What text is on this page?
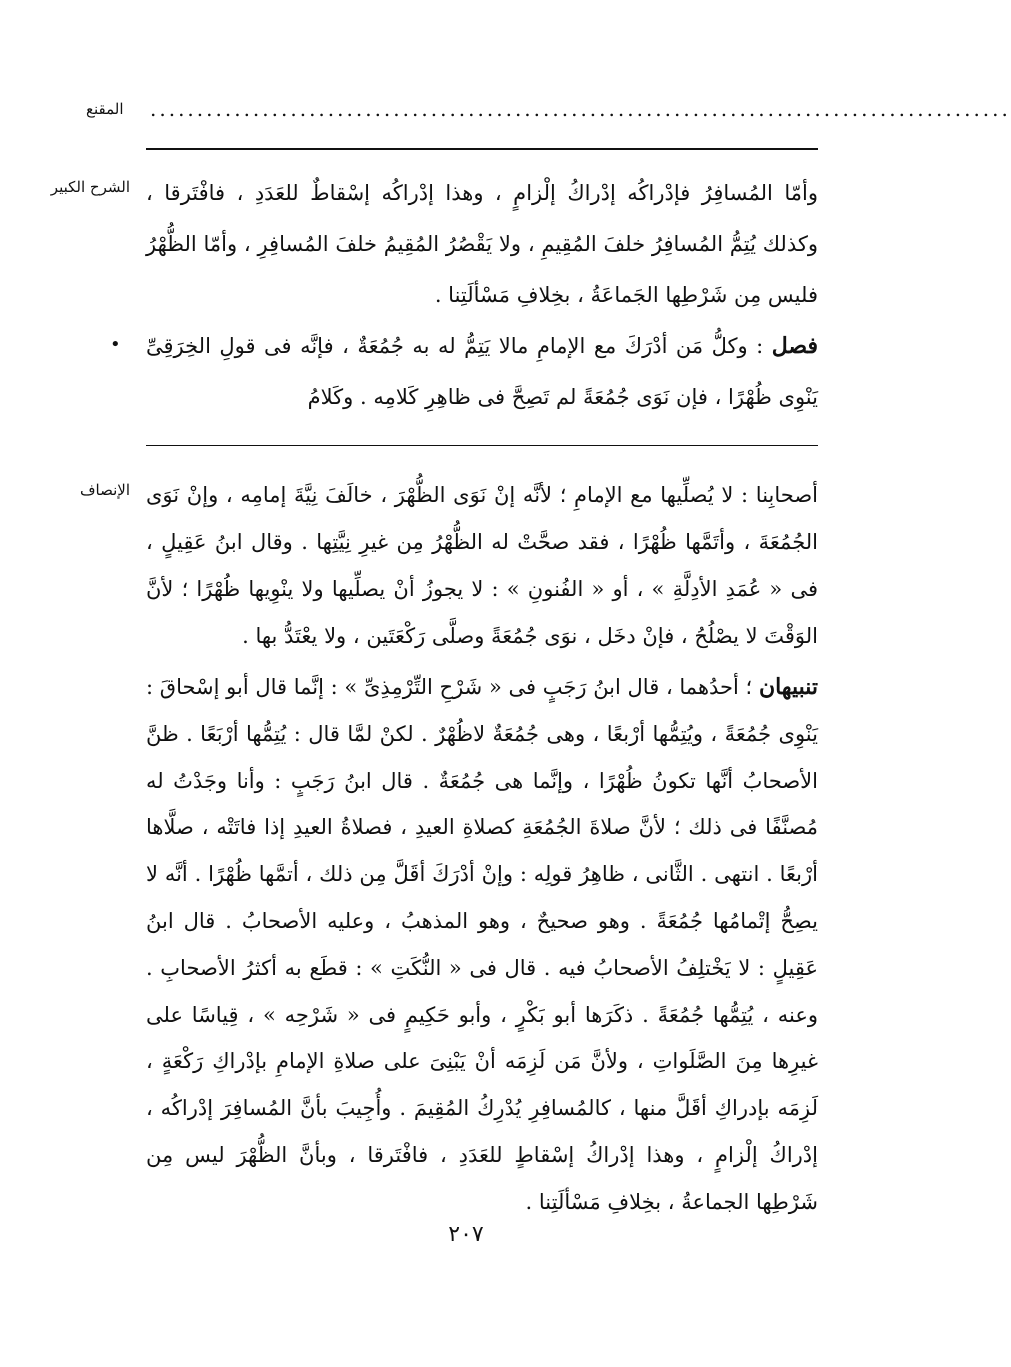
المقنع	............................................................................................
الشرح الكبير
•

وأمّا المُسافِرُ فإدْراكُه إدْراكُ إلْزامٍ ، وهذا إدْراكُه إسْقاطٌ للعَدَدِ ، فافْتَرقا ، وكذلك يُتِمُّ المُسافِرُ خلفَ المُقِيمِ ، ولا يَقْصُرُ المُقِيمُ خلفَ المُسافِرِ ، وأمّا الظُّهْرُ فليس مِن شَرْطِها الجَماعَةُ ، بخِلافِ مَسْألَتِنا .

فصل : وكلُّ مَن أدْرَكَ مع الإمامِ مالا يَتِمُّ له به جُمُعَةٌ ، فإنَّه فى قولِ الخِرَقِىِّ يَنْوِى ظُهْرًا ، فإن نَوَى جُمُعَةً لم تَصِحَّ فى ظاهِرِ كَلامِه . وكَلامُ

الإنصاف أصحابِنا : لا يُصلِّيها مع الإمامِ ؛ لأنَّه إنْ نَوَى الظُّهْرَ ، خالَفَ نِيَّةَ إمامِه ، وإنْ نَوَى الجُمُعَةَ ، وأتَمَّها ظُهْرًا ، فقد صحَّتْ له الظُّهْرُ مِن غيرِ نِيَّتِها . وقال ابنُ عَقِيلٍ ، فى « عُمَدِ الأدِلَّةِ » ، أو « الفُنونِ » : لا يجوزُ أنْ يصلِّيها ولا ينْوِيها ظُهْرًا ؛ لأنَّ الوَقْتَ لا يصْلُحُ ، فإنْ دخَل ، نوَى جُمُعَةً وصلَّى رَكْعَتَين ، ولا يعْتَدُّ بها .

تنبيهان ؛ أحدُهما ، قال ابنُ رَجَبٍ فى « شَرْحِ التِّرْمِذِىِّ » : إنَّما قال أبو إسْحاقَ : يَنْوِى جُمُعَةً ، ويُتِمُّها أرْبعًا ، وهى جُمُعَةٌ لاظُهْرٌ . لكنْ لمَّا قال : يُتِمُّها أرْبَعًا . ظنَّ الأصحابُ أنَّها تكونُ ظُهْرًا ، وإنَّما هى جُمُعَةٌ . قال ابنُ رَجَبٍ : وأنا وجَدْتُ له مُصنَّفًا فى ذلك ؛ لأنَّ صلاةَ الجُمُعَةِ كصلاةِ العيدِ ، فصلاةُ العيدِ إذا فاتَتْه ، صلَّاها أرْبعًا . انتهى . الثَّانى ، ظاهِرُ قولِه : وإنْ أدْرَكَ أقَلَّ مِن ذلك ، أتمَّها ظُهْرًا . أنَّه لا يصِحُّ إتْمامُها جُمُعَةً . وهو صحيحٌ ، وهو المذهبُ ، وعليه الأصحابُ . قال ابنُ عَقِيلٍ : لا يَخْتلِفُ الأصحابُ فيه . قال فى « النُّكَتِ » : قطَع به أكثرُ الأصحابِ . وعنه ، يُتِمُّها جُمُعَةً . ذكَرَها أبو بَكْرٍ ، وأبو حَكِيمٍ فى « شَرْحِه » ، قِياسًا على غيرِها مِنَ الصَّلَواتِ ، ولأنَّ مَن لَزِمَه أنْ يَبْنِىَ على صلاةِ الإمامِ بإدْراكِ رَكْعَةٍ ، لَزِمَه بإدراكِ أقَلَّ منها ، كالمُسافِرِ يُدْرِكُ المُقِيمَ . وأُجِيبَ بأنَّ المُسافِرَ إدْراكُه ، إدْراكُ إلْزامٍ ، وهذا إدْراكُ إسْقاطٍ للعَدَدِ ، فافْتَرقا ، وبأنَّ الظُّهْرَ ليس مِن شَرْطِها الجماعةُ ، بخِلافِ مَسْألَتِنا .

٢٠٧
